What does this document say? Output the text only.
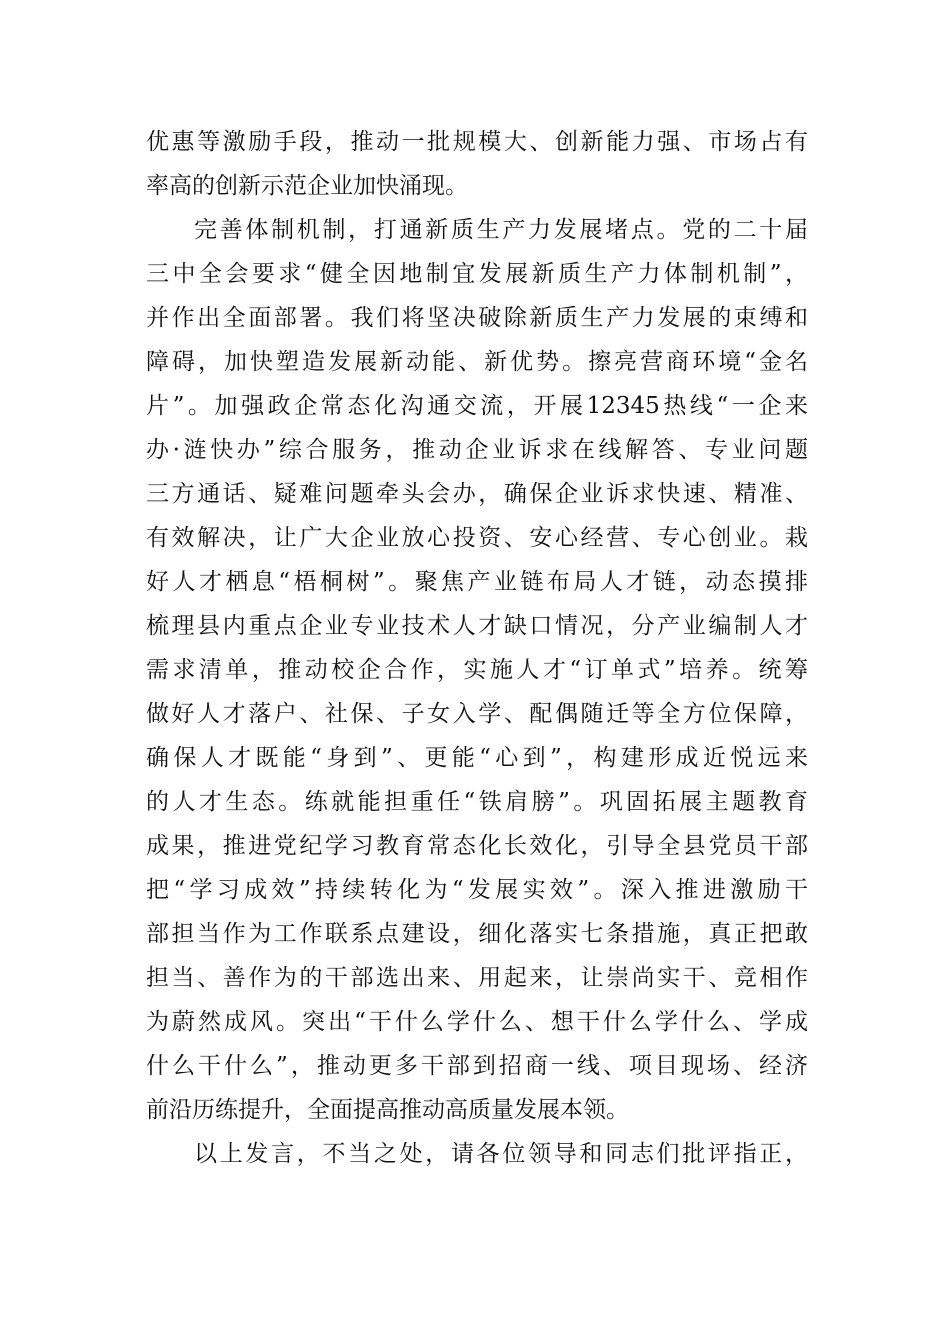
优惠等激励手段，推动一批规模大、创新能力强、市场占有
率高的创新示范企业加快涌现。
完善体制机制，打通新质生产力发展堵点。党的二十届
三中全会要求“健全因地制宜发展新质生产力体制机制”，
并作出全面部署。我们将坚决破除新质生产力发展的束缚和
障碍，加快塑造发展新动能、新优势。擦亮营商环境“金名
片”。加强政企常态化沟通交流，开展12345热线“一企来
办·涟快办”综合服务，推动企业诉求在线解答、专业问题
三方通话、疑难问题牵头会办，确保企业诉求快速、精准、
有效解决，让广大企业放心投资、安心经营、专心创业。栽
好人才栖息“梧桐树”。聚焦产业链布局人才链，动态摸排
梳理县内重点企业专业技术人才缺口情况，分产业编制人才
需求清单，推动校企合作，实施人才“订单式”培养。统筹
做好人才落户、社保、子女入学、配偶随迁等全方位保障，
确保人才既能“身到”、更能“心到”，构建形成近悦远来
的人才生态。练就能担重任“铁肩膀”。巩固拓展主题教育
成果，推进党纪学习教育常态化长效化，引导全县党员干部
把“学习成效”持续转化为“发展实效”。深入推进激励干
部担当作为工作联系点建设，细化落实七条措施，真正把敢
担当、善作为的干部选出来、用起来，让崇尚实干、竞相作
为蔚然成风。突出“干什么学什么、想干什么学什么、学成
什么干什么”，推动更多干部到招商一线、项目现场、经济
前沿历练提升，全面提高推动高质量发展本领。
以上发言，不当之处，请各位领导和同志们批评指正，
